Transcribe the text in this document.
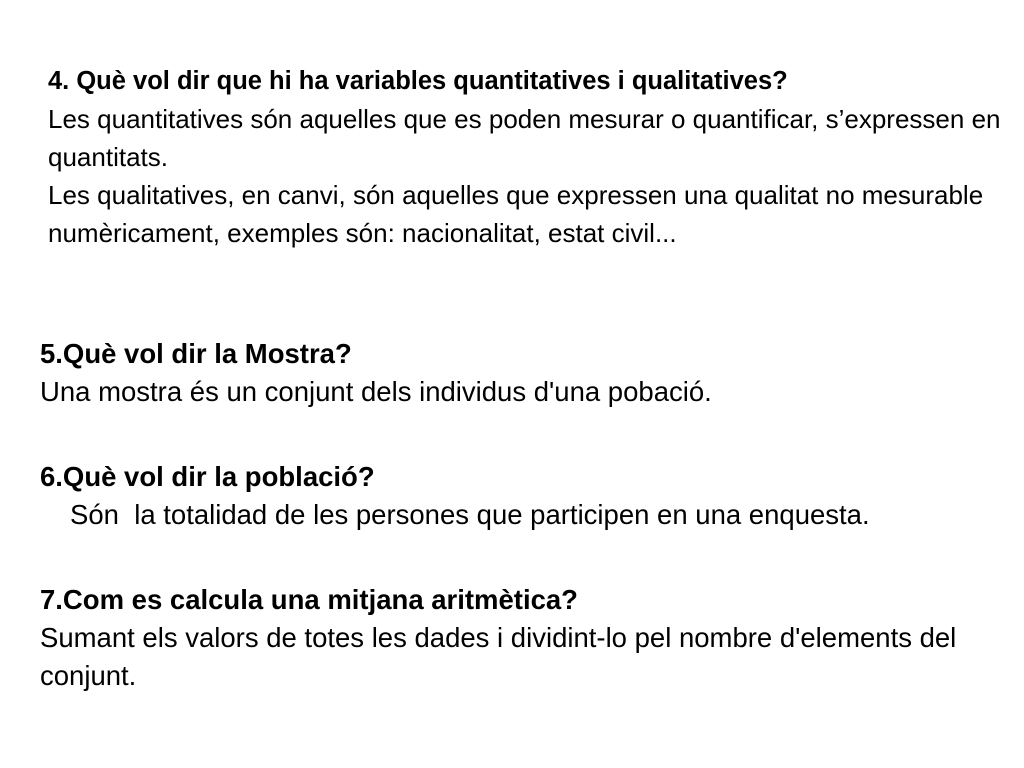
4. Què vol dir que hi ha variables quantitatives i qualitatives?
Les quantitatives són aquelles que es poden mesurar o quantificar, s’expressen en quantitats.
Les qualitatives, en canvi, són aquelles que expressen una qualitat no mesurable numèricament, exemples són: nacionalitat, estat civil...
5.Què vol dir la Mostra?
Una mostra és un conjunt dels individus d'una pobació.
6.Què vol dir la població?
Són  la totalidad de les persones que participen en una enquesta.
7.Com es calcula una mitjana aritmètica?
Sumant els valors de totes les dades i dividint-lo pel nombre d'elements del conjunt.
